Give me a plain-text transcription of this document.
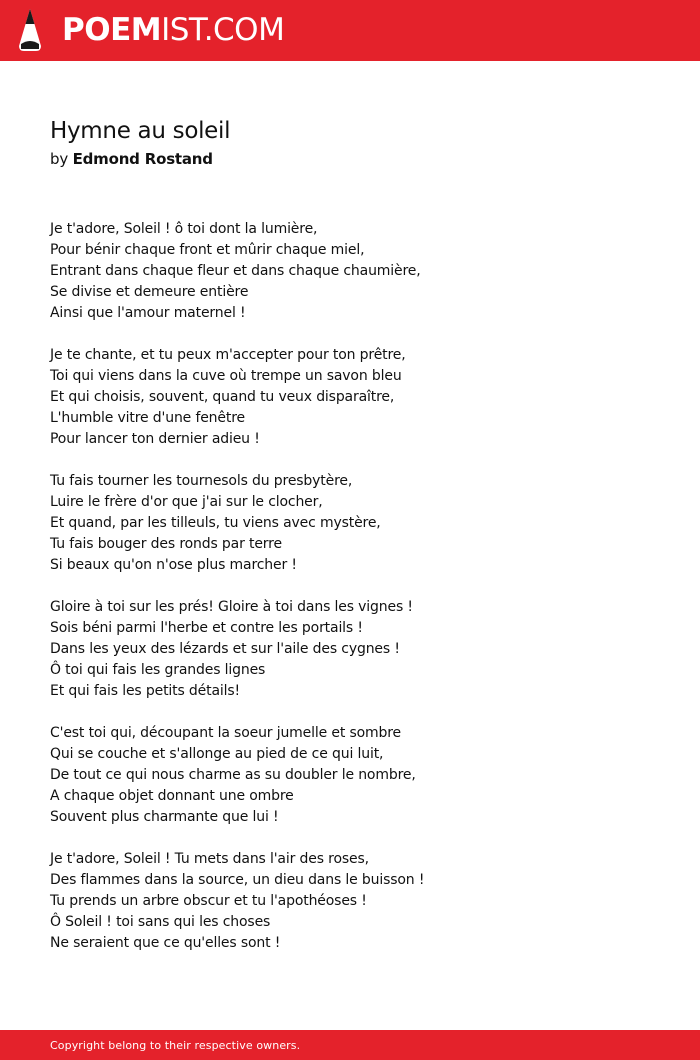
POEMIST.COM
Hymne au soleil
by Edmond Rostand
Je t'adore, Soleil ! ô toi dont la lumière,
Pour bénir chaque front et mûrir chaque miel,
Entrant dans chaque fleur et dans chaque chaumière,
Se divise et demeure entière
Ainsi que l'amour maternel !
Je te chante, et tu peux m'accepter pour ton prêtre,
Toi qui viens dans la cuve où trempe un savon bleu
Et qui choisis, souvent, quand tu veux disparaître,
L'humble vitre d'une fenêtre
Pour lancer ton dernier adieu !
Tu fais tourner les tournesols du presbytère,
Luire le frère d'or que j'ai sur le clocher,
Et quand, par les tilleuls, tu viens avec mystère,
Tu fais bouger des ronds par terre
Si beaux qu'on n'ose plus marcher !
Gloire à toi sur les prés! Gloire à toi dans les vignes !
Sois béni parmi l'herbe et contre les portails !
Dans les yeux des lézards et sur l'aile des cygnes !
Ô toi qui fais les grandes lignes
Et qui fais les petits détails!
C'est toi qui, découpant la soeur jumelle et sombre
Qui se couche et s'allonge au pied de ce qui luit,
De tout ce qui nous charme as su doubler le nombre,
A chaque objet donnant une ombre
Souvent plus charmante que lui !
Je t'adore, Soleil ! Tu mets dans l'air des roses,
Des flammes dans la source, un dieu dans le buisson !
Tu prends un arbre obscur et tu l'apothéoses !
Ô Soleil ! toi sans qui les choses
Ne seraient que ce qu'elles sont !
Copyright belong to their respective owners.
